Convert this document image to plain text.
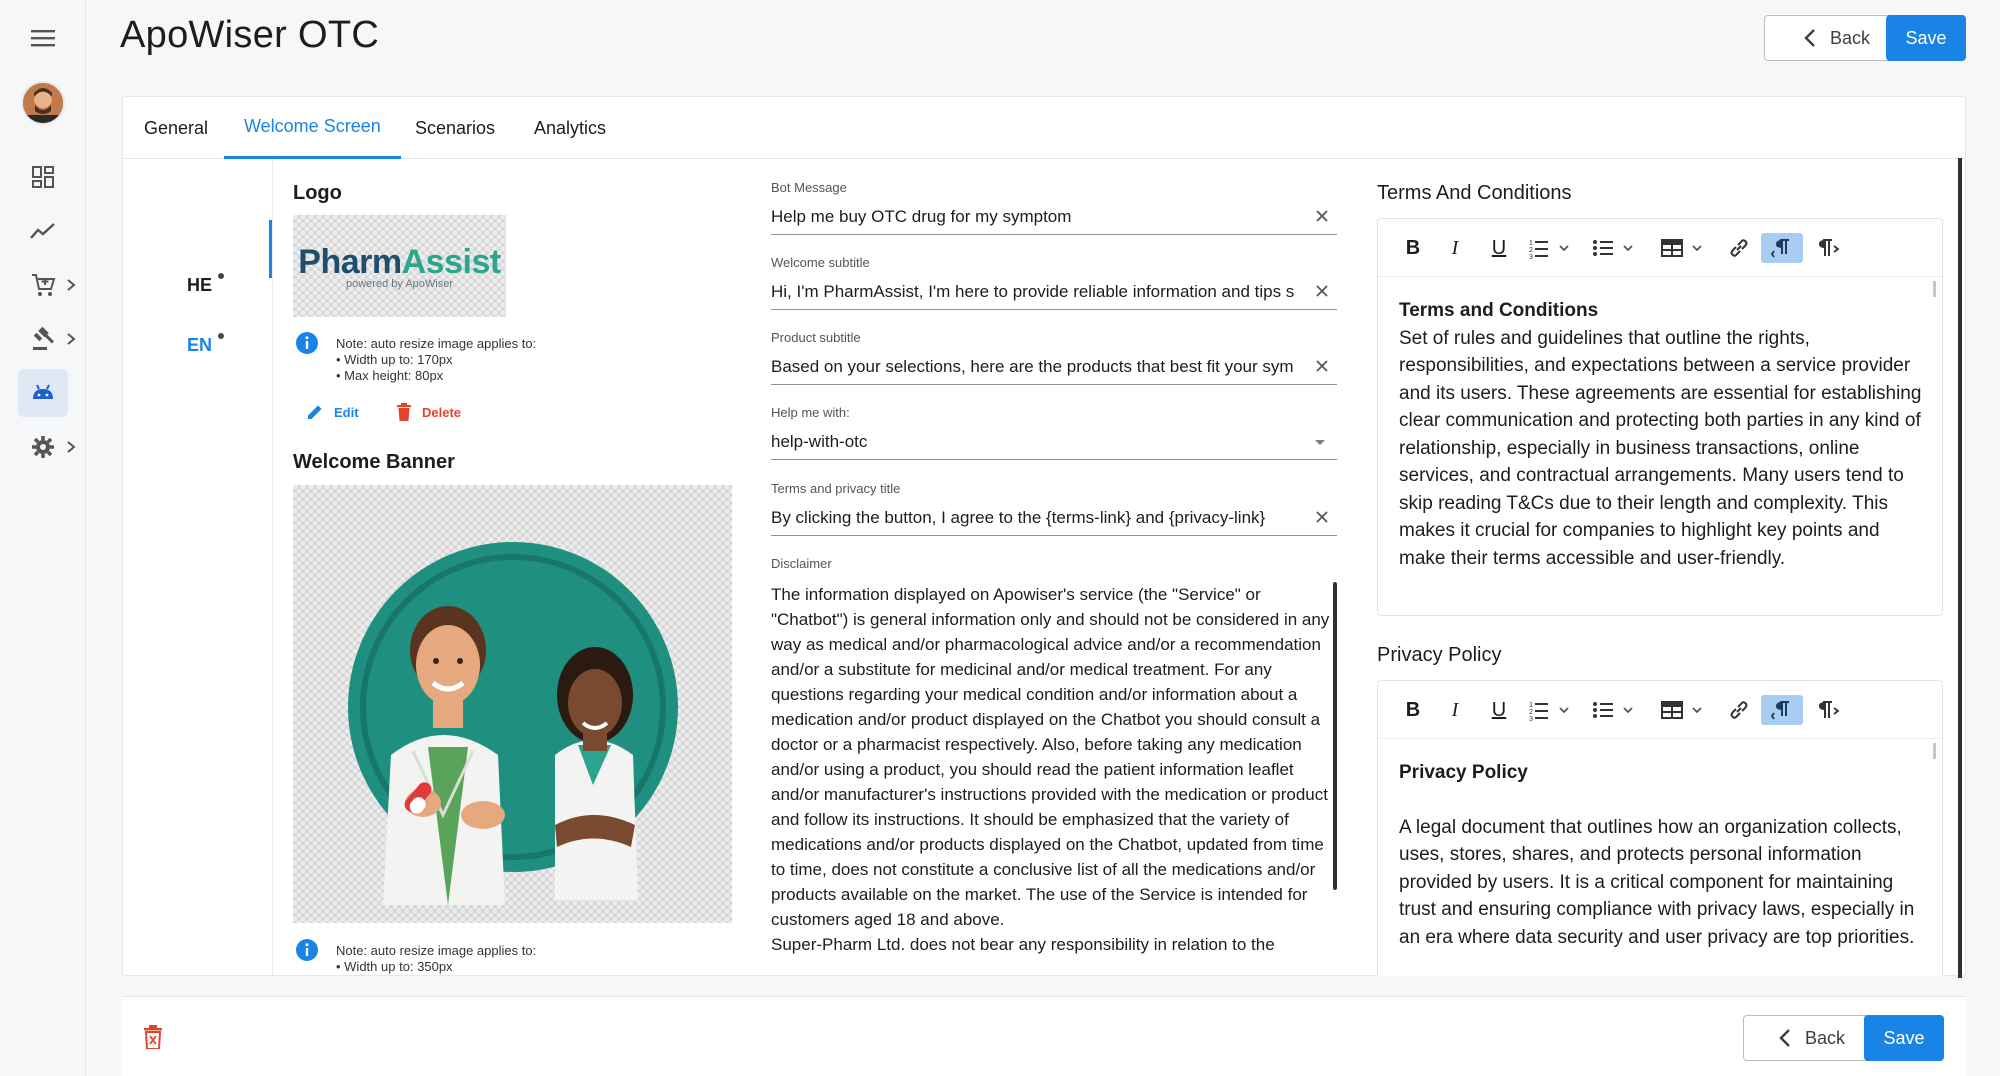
ApoWiser OTC	Back Save
General	Welcome Screen	Scenarios Analytics
HE
EN
Logo
PharmAssist
powered by ApoWiser
Note: auto resize image applies to:
• Width up to: 170px
• Max height: 80px
Edit	Delete
Welcome Banner
Note: auto resize image applies to:
• Width up to: 350px
Bot Message
Help me buy OTC drug for my symptom
Welcome subtitle
Hi, I'm PharmAssist, I'm here to provide reliable information and tips s
Product subtitle
Based on your selections, here are the products that best fit your sym
Help me with:
help-with-otc
Terms and privacy title
By clicking the button, I agree to the {terms-link} and {privacy-link}
Disclaimer
The information displayed on Apowiser's service (the "Service" or "Chatbot") is general information only and should not be considered in any way as medical and/or pharmacological advice and/or a recommendation and/or a substitute for medicinal and/or medical treatment. For any questions regarding your medical condition and/or information about a medication and/or product displayed on the Chatbot you should consult a doctor or a pharmacist respectively. Also, before taking any medication and/or using a product, you should read the patient information leaflet and/or manufacturer's instructions provided with the medication or product and follow its instructions. It should be emphasized that the variety of medications and/or products displayed on the Chatbot, updated from time to time, does not constitute a conclusive list of all the medications and/or products available on the market. The use of the Service is intended for customers aged 18 and above.
Super-Pharm Ltd. does not bear any responsibility in relation to the
Terms And Conditions
B	I	U	1
2
3
Terms and Conditions
Set of rules and guidelines that outline the rights, responsibilities, and expectations between a service provider and its users. These agreements are essential for establishing clear communication and protecting both parties in any kind of relationship, especially in business transactions, online services, and contractual arrangements. Many users tend to skip reading T&Cs due to their length and complexity. This makes it crucial for companies to highlight key points and make their terms accessible and user-friendly.
Privacy Policy
B	I	U	1
2
3
Privacy Policy
A legal document that outlines how an organization collects, uses, stores, shares, and protects personal information provided by users. It is a critical component for maintaining trust and ensuring compliance with privacy laws, especially in an era where data security and user privacy are top priorities.
Back Save
